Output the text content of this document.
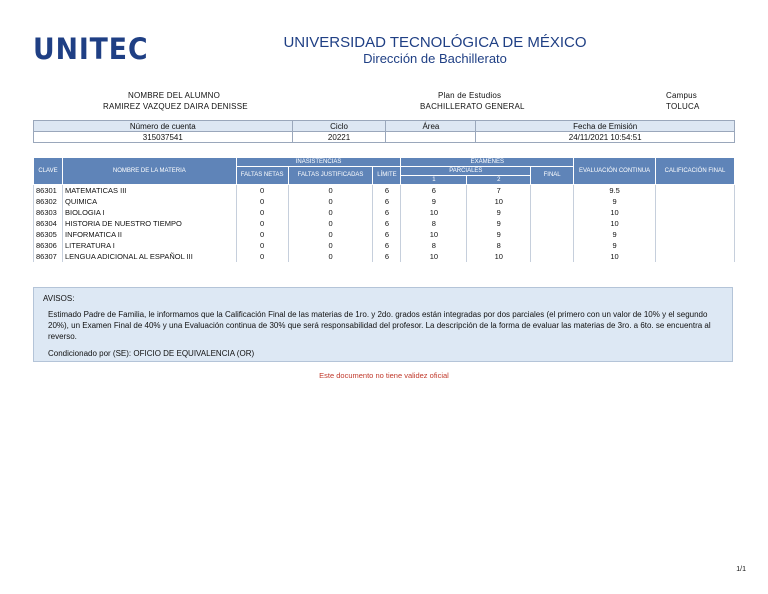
UNITEC	UNIVERSIDAD TECNOLÓGICA DE MÉXICO
Dirección de Bachillerato
NOMBRE DEL ALUMNO
RAMIREZ VAZQUEZ DAIRA DENISSE
Plan de Estudios
BACHILLERATO GENERAL
Campus
TOLUCA
Número de cuenta	Ciclo	Área	Fecha de Emisión
315037541	20221		24/11/2021 10:54:51
CLAVE	NOMBRE DE LA MATERIA	INASISTENCIAS			EXÁMENES			EVALUACIÓN CONTINUA	CALIFICACIÓN FINAL
		FALTAS NETAS	FALTAS JUSTIFICADAS	LÍMITE	PARCIALES		FINAL		
					1	2			
86301	MATEMATICAS III	0	0	6	6	7		9.5	
86302	QUIMICA	0	0	6	9	10		9	
86303	BIOLOGIA I	0	0	6	10	9		10	
86304	HISTORIA DE NUESTRO TIEMPO	0	0	6	8	9		10	
86305	INFORMATICA II	0	0	6	10	9		9	
86306	LITERATURA I	0	0	6	8	8		9	
86307	LENGUA ADICIONAL AL ESPAÑOL III	0	0	6	10	10		10	

AVISOS:

Estimado Padre de Familia, le informamos que la Calificación Final de las materias de 1ro. y 2do. grados están integradas por dos parciales (el primero con un valor de 10% y el segundo 20%), un Examen Final de 40% y una Evaluación continua de 30% que será responsabilidad del profesor. La descripción de la forma de evaluar las materias de 3ro. a 6to. se encuentra al reverso.

Condicionado por (SE): OFICIO DE EQUIVALENCIA (OR)

Este documento no tiene validez oficial
1/1
